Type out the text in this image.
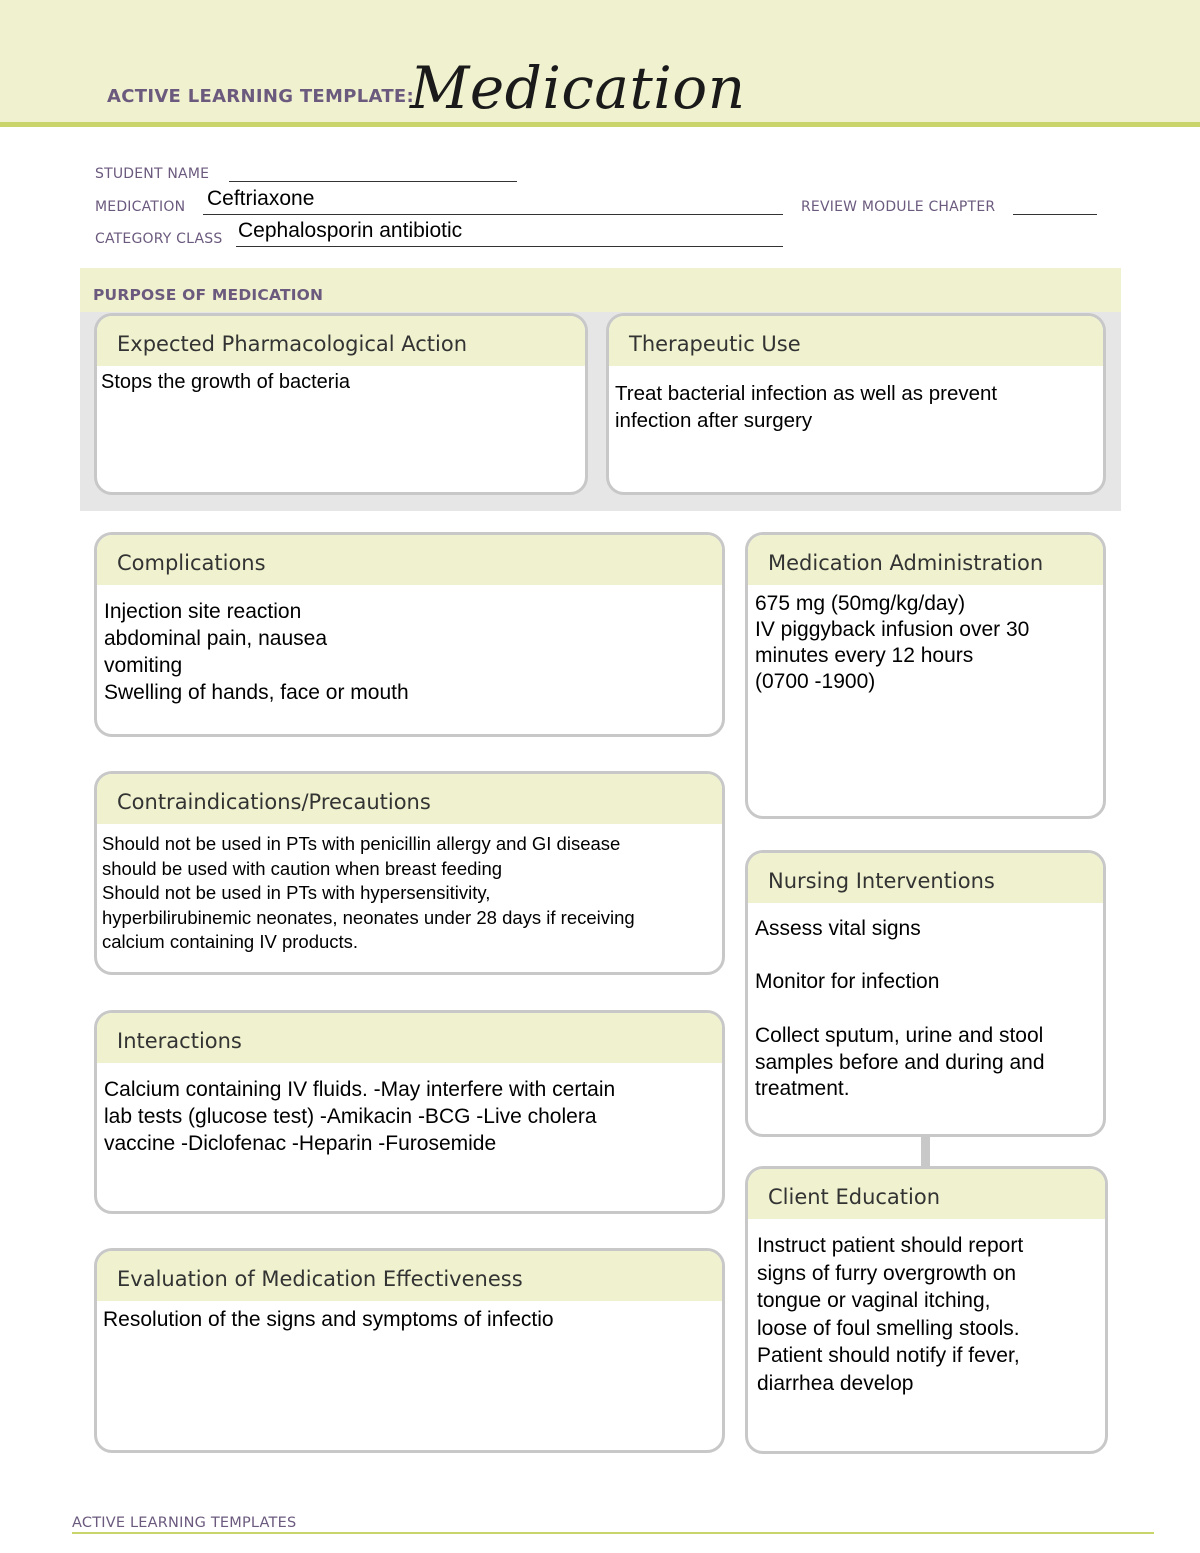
ACTIVE LEARNING TEMPLATE:
Medication
STUDENT NAME
MEDICATION Ceftriaxone	REVIEW MODULE CHAPTER
CATEGORY CLASS Cephalosporin antibiotic
PURPOSE OF MEDICATION
Expected Pharmacological Action
Stops the growth of bacteria
Therapeutic Use
Treat bacterial infection as well as prevent
infection after surgery
Complications
Injection site reaction
abdominal pain, nausea
vomiting
Swelling of hands, face or mouth
Medication Administration
675 mg (50mg/kg/day)
IV piggyback infusion over 30
minutes every 12 hours
(0700 -1900)
Contraindications/Precautions
Should not be used in PTs with penicillin allergy and GI disease
should be used with caution when breast feeding
Should not be used in PTs with hypersensitivity,
hyperbilirubinemic neonates, neonates under 28 days if receiving
calcium containing IV products.
Nursing Interventions
Assess vital signs

Monitor for infection

Collect sputum, urine and stool
samples before and during and
treatment.
Interactions
Calcium containing IV fluids. -May interfere with certain
lab tests (glucose test) -Amikacin -BCG -Live cholera
vaccine -Diclofenac -Heparin -Furosemide
Client Education
Instruct patient should report
signs of furry overgrowth on
tongue or vaginal itching,
loose of foul smelling stools.
Patient should notify if fever,
diarrhea develop
Evaluation of Medication Effectiveness
Resolution of the signs and symptoms of infectio
ACTIVE LEARNING TEMPLATES
